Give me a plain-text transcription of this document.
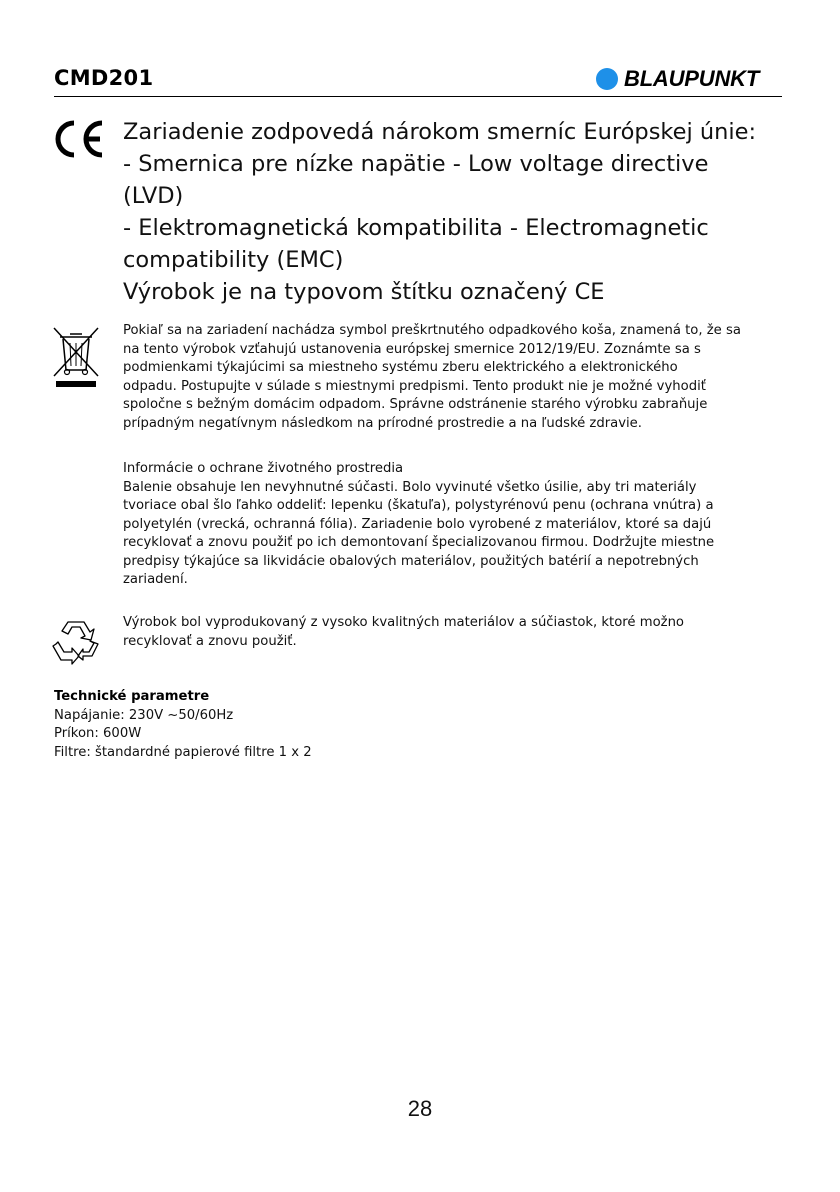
CMD201	BLAUPUNKT
Zariadenie zodpovedá nárokom smerníc Európskej únie:
- Smernica pre nízke napätie - Low voltage directive
(LVD)
- Elektromagnetická kompatibilita - Electromagnetic
compatibility (EMC)
Výrobok je na typovom štítku označený CE
Pokiaľ sa na zariadení nachádza symbol preškrtnutého odpadkového koša, znamená to, že sa
na tento výrobok vzťahujú ustanovenia európskej smernice 2012/19/EU. Zoznámte sa s
podmienkami týkajúcimi sa miestneho systému zberu elektrického a elektronického
odpadu. Postupujte v súlade s miestnymi predpismi. Tento produkt nie je možné vyhodiť
spoločne s bežným domácim odpadom. Správne odstránenie starého výrobku zabraňuje
prípadným negatívnym následkom na prírodné prostredie a na ľudské zdravie.
Informácie o ochrane životného prostredia
Balenie obsahuje len nevyhnutné súčasti. Bolo vyvinuté všetko úsilie, aby tri materiály
tvoriace obal šlo ľahko oddeliť: lepenku (škatuľa), polystyrénovú penu (ochrana vnútra) a
polyetylén (vrecká, ochranná fólia). Zariadenie bolo vyrobené z materiálov, ktoré sa dajú
recyklovať a znovu použiť po ich demontovaní špecializovanou firmou. Dodržujte miestne
predpisy týkajúce sa likvidácie obalových materiálov, použitých batérií a nepotrebných
zariadení.
Výrobok bol vyprodukovaný z vysoko kvalitných materiálov a súčiastok, ktoré možno
recyklovať a znovu použiť.
Technické parametre
Napájanie: 230V ~50/60Hz
Príkon: 600W
Filtre: štandardné papierové filtre 1 x 2
28
